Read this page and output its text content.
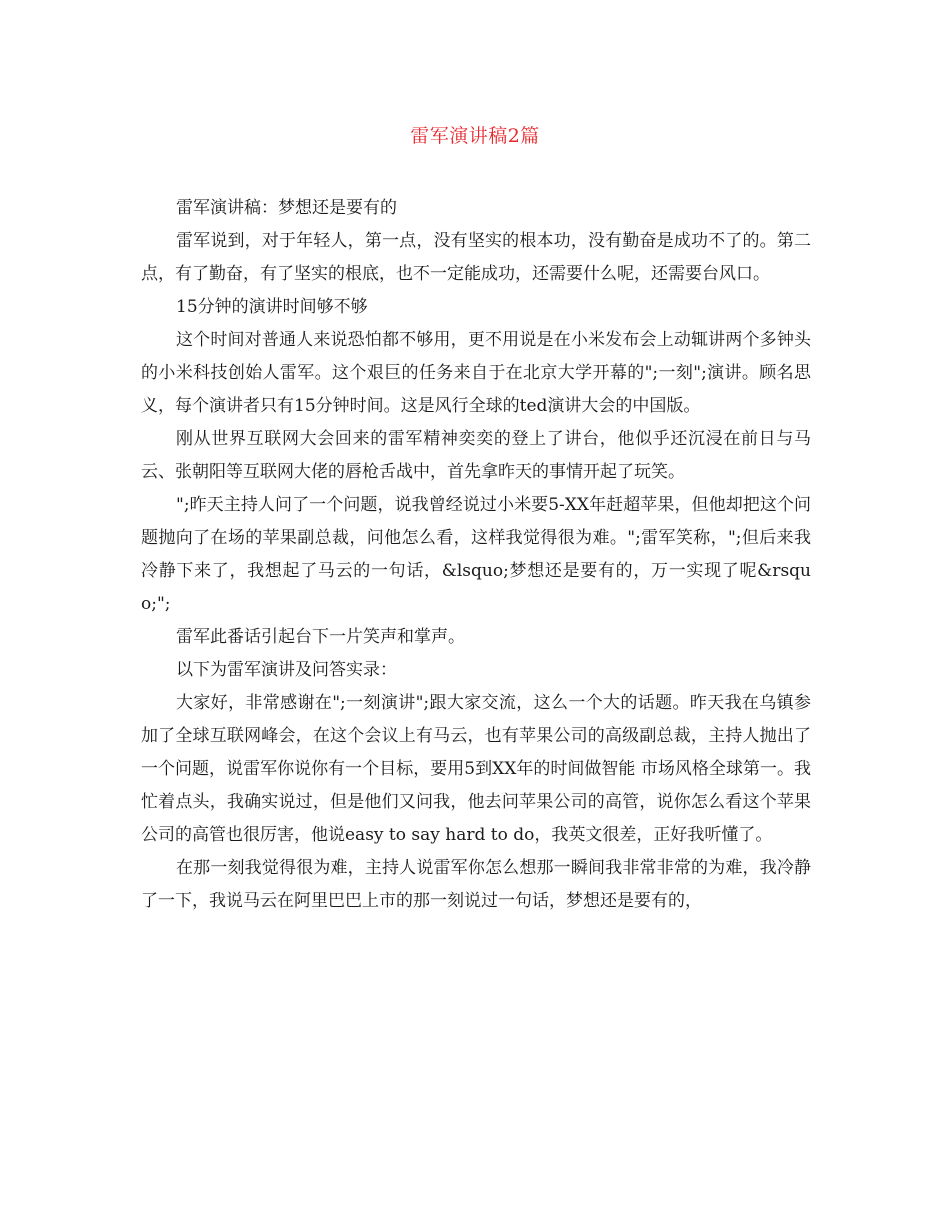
雷军演讲稿2篇

雷军演讲稿：梦想还是要有的

雷军说到，对于年轻人，第一点，没有坚实的根本功，没有勤奋是成功不了的。第二点，有了勤奋，有了坚实的根底，也不一定能成功，还需要什么呢，还需要台风口。

15分钟的演讲时间够不够

这个时间对普通人来说恐怕都不够用，更不用说是在小米发布会上动辄讲两个多钟头的小米科技创始人雷军。这个艰巨的任务来自于在北京大学开幕的";一刻";演讲。顾名思义，每个演讲者只有15分钟时间。这是风行全球的ted演讲大会的中国版。

刚从世界互联网大会回来的雷军精神奕奕的登上了讲台，他似乎还沉浸在前日与马云、张朝阳等互联网大佬的唇枪舌战中，首先拿昨天的事情开起了玩笑。

";昨天主持人问了一个问题，说我曾经说过小米要5-XX年赶超苹果，但他却把这个问题抛向了在场的苹果副总裁，问他怎么看，这样我觉得很为难。";雷军笑称，";但后来我冷静下来了，我想起了马云的一句话，&lsquo;梦想还是要有的，万一实现了呢&rsquo;";

雷军此番话引起台下一片笑声和掌声。

以下为雷军演讲及问答实录：

大家好，非常感谢在";一刻演讲";跟大家交流，这么一个大的话题。昨天我在乌镇参加了全球互联网峰会，在这个会议上有马云，也有苹果公司的高级副总裁，主持人抛出了一个问题，说雷军你说你有一个目标，要用5到XX年的时间做智能 市场风格全球第一。我忙着点头，我确实说过，但是他们又问我，他去问苹果公司的高管，说你怎么看这个苹果公司的高管也很厉害，他说easy to say hard to do，我英文很差，正好我听懂了。

在那一刻我觉得很为难，主持人说雷军你怎么想那一瞬间我非常非常的为难，我冷静了一下，我说马云在阿里巴巴上市的那一刻说过一句话，梦想还是要有的，
